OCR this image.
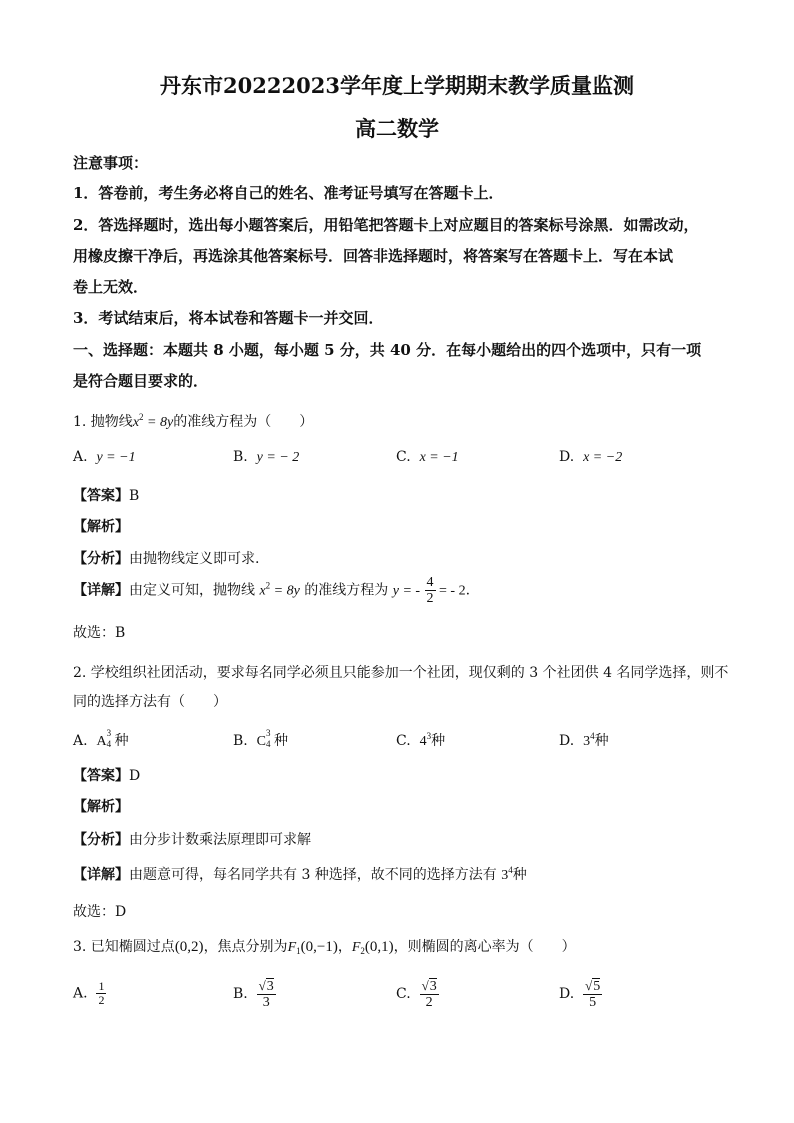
丹东市20222023学年度上学期期末教学质量监测
高二数学
注意事项：
1．答卷前，考生务必将自己的姓名、准考证号填写在答题卡上．
2．答选择题时，选出每小题答案后，用铅笔把答题卡上对应题目的答案标号涂黑．如需改动，
用橡皮擦干净后，再选涂其他答案标号．回答非选择题时，将答案写在答题卡上．写在本试
卷上无效．
3．考试结束后，将本试卷和答题卡一并交回．
一、选择题：本题共 8 小题，每小题 5 分，共 40 分．在每小题给出的四个选项中，只有一项
是符合题目要求的．
1. 抛物线$x^2 = 8y$的准线方程为（　　）
A. y = −1	B. y = − 2	C. x = −1	D. x = −2
【答案】B
【解析】
【分析】由抛物线定义即可求.
【详解】由定义可知，抛物线 $x^2 = 8y$ 的准线方程为 y = - $\frac{4}{2}$ = - 2.
故选：B
2. 学校组织社团活动，要求每名同学必须且只能参加一个社团，现仅剩的 3 个社团供 4 名同学选择，则不
同的选择方法有（　　）
A. A
3
4 种	B. C
3
4 种	C. $4^3$种	D. $3^4$种
【答案】D
【解析】
【分析】由分步计数乘法原理即可求解
【详解】由题意可得，每名同学共有 3 种选择，故不同的选择方法有 $3^4$种
故选：D
3. 已知椭圆过点(0,2)，焦点分别为$F_1(0,-1)$，$F_2(0,1)$，则椭圆的离心率为（　　）
A. $\frac{1}{2}$	B. $\frac{√3}{3}$	C. $\frac{√3}{2}$	D. $\frac{√5}{5}$
